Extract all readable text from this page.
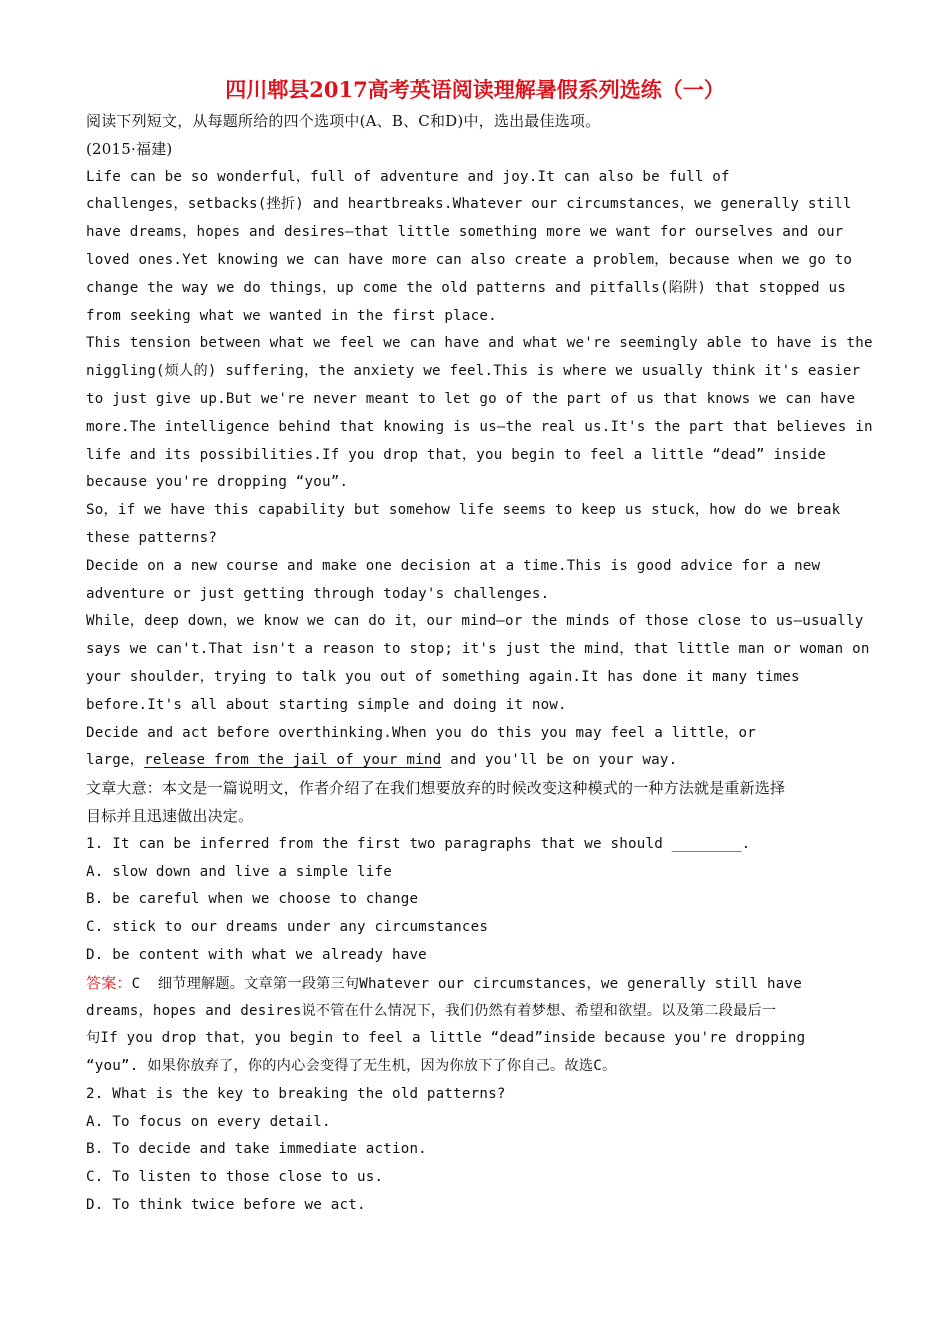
四川郫县2017高考英语阅读理解暑假系列选练（一）
阅读下列短文，从每题所给的四个选项中(A、B、C和D)中，选出最佳选项。
(2015·福建)
Life can be so wonderful，full of adventure and joy.It can also be full of
challenges，setbacks(挫折) and heartbreaks.Whatever our circumstances，we generally still
have dreams，hopes and desires—that little something more we want for ourselves and our
loved ones.Yet knowing we can have more can also create a problem，because when we go to
change the way we do things，up come the old patterns and pitfalls(陷阱) that stopped us
from seeking what we wanted in the first place.
This tension between what we feel we can have and what we're seemingly able to have is the
niggling(烦人的) suffering，the anxiety we feel.This is where we usually think it's easier
to just give up.But we're never meant to let go of the part of us that knows we can have
more.The intelligence behind that knowing is us—the real us.It's the part that believes in
life and its possibilities.If you drop that，you begin to feel a little “dead” inside
because you're dropping “you”.
So，if we have this capability but somehow life seems to keep us stuck，how do we break
these patterns?
Decide on a new course and make one decision at a time.This is good advice for a new
adventure or just getting through today's challenges.
While，deep down，we know we can do it，our mind—or the minds of those close to us—usually
says we can't.That isn't a reason to stop; it's just the mind，that little man or woman on
your shoulder，trying to talk you out of something again.It has done it many times
before.It's all about starting simple and doing it now.
Decide and act before overthinking.When you do this you may feel a little，or
large，release from the jail of your mind and you'll be on your way.
文章大意：本文是一篇说明文，作者介绍了在我们想要放弃的时候改变这种模式的一种方法就是重新选择
目标并且迅速做出决定。
1. It can be inferred from the first two paragraphs that we should ________.
A. slow down and live a simple life
B. be careful when we choose to change
C. stick to our dreams under any circumstances
D. be content with what we already have
答案：C  细节理解题。文章第一段第三句Whatever our circumstances，we generally still have
dreams，hopes and desires说不管在什么情况下，我们仍然有着梦想、希望和欲望。以及第二段最后一
句If you drop that，you begin to feel a little “dead”inside because you're dropping
“you”. 如果你放弃了，你的内心会变得了无生机，因为你放下了你自己。故选C。
2. What is the key to breaking the old patterns?
A. To focus on every detail.
B. To decide and take immediate action.
C. To listen to those close to us.
D. To think twice before we act.
